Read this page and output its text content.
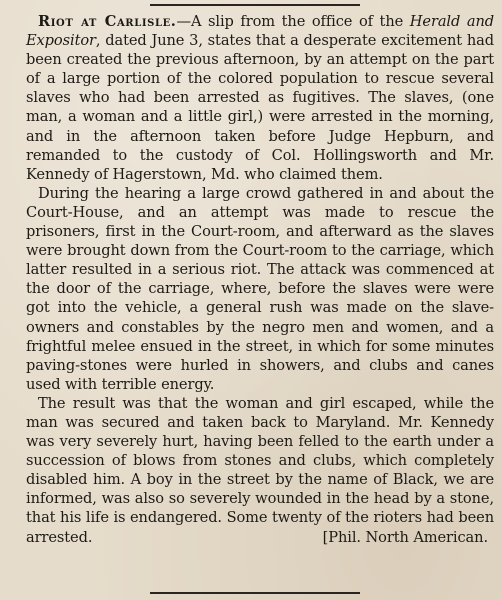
Riot at Carlisle.—A slip from the office of the Herald and Expositor, dated June 3, states that a desperate excitement had been created the previous afternoon, by an attempt on the part of a large portion of the colored population to rescue several slaves who had been arrested as fugitives. The slaves, (one man, a woman and a little girl,) were arrested in the morning, and in the afternoon taken before Judge Hepburn, and remanded to the custody of Col. Hollingsworth and Mr. Kennedy of Hagerstown, Md. who claimed them.

During the hearing a large crowd gathered in and about the Court-House, and an attempt was made to rescue the prisoners, first in the Court-room, and afterward as the slaves were brought down from the Court-room to the carriage, which latter resulted in a serious riot. The attack was commenced at the door of the carriage, where, before the slaves were were got into the vehicle, a general rush was made on the slave-owners and constables by the negro men and women, and a frightful melee ensued in the street, in which for some minutes paving-stones were hurled in showers, and clubs and canes used with terrible energy.

The result was that the woman and girl escaped, while the man was secured and taken back to Maryland. Mr. Kennedy was very severely hurt, having been felled to the earth under a succession of blows from stones and clubs, which completely disabled him. A boy in the street by the name of Black, we are informed, was also so severely wounded in the head by a stone, that his life is endangered. Some twenty of the rioters had been arrested.	[Phil. North American.
